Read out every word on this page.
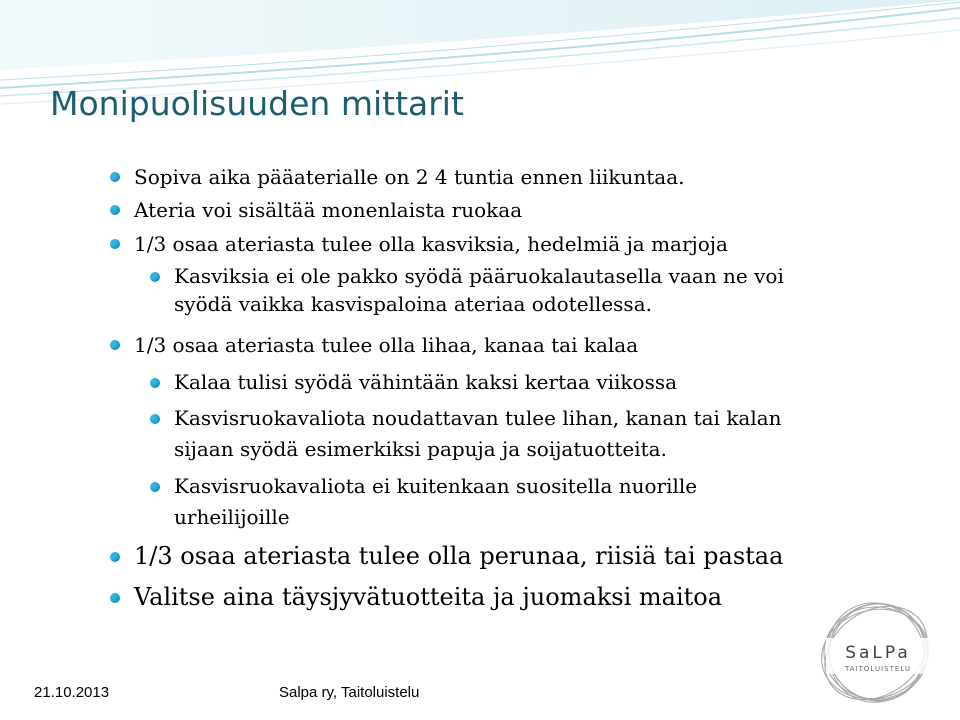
Monipuolisuuden mittarit
Sopiva aika pääaterialle on 2 4 tuntia ennen liikuntaa.
Ateria voi sisältää monenlaista ruokaa
1/3 osaa ateriasta tulee olla kasviksia, hedelmiä ja marjoja
Kasviksia ei ole pakko syödä pääruokalautasella vaan ne voi
syödä vaikka kasvispaloina ateriaa odotellessa.
1/3 osaa ateriasta tulee olla lihaa, kanaa tai kalaa
Kalaa tulisi syödä vähintään kaksi kertaa viikossa
Kasvisruokavaliota noudattavan tulee lihan, kanan tai kalan
sijaan syödä esimerkiksi papuja ja soijatuotteita.
Kasvisruokavaliota ei kuitenkaan suositella nuorille
urheilijoille
1/3 osaa ateriasta tulee olla perunaa, riisiä tai pastaa
Valitse aina täysjyvätuotteita ja juomaksi maitoa
SaLPa
TAITOLUISTELU
21.10.2013	Salpa ry, Taitoluistelu
